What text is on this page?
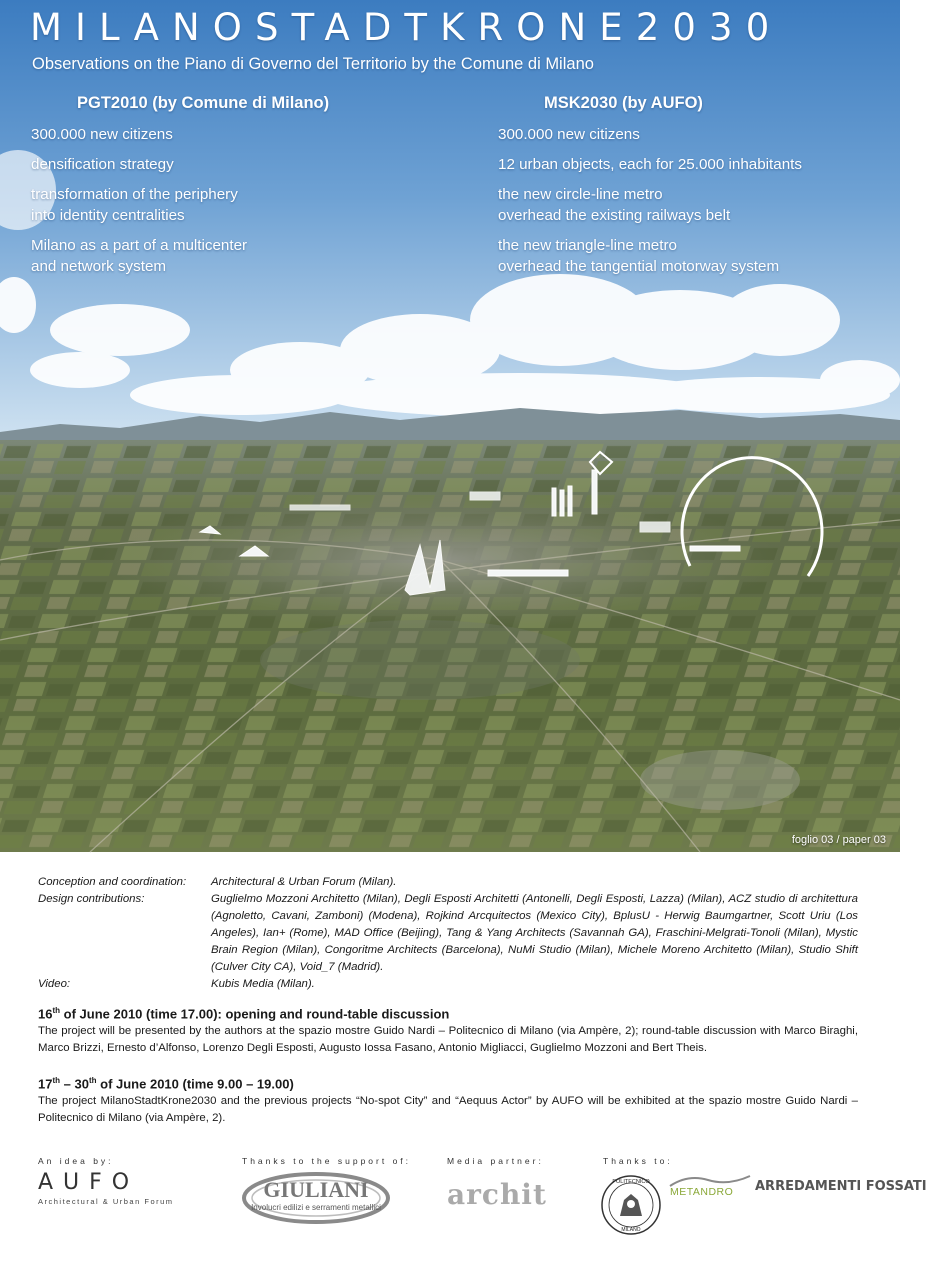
MILANOSTADTKRONE2030
Observations on the Piano di Governo del Territorio by the Comune di Milano
PGT2010 (by Comune di Milano)
300.000 new citizens
densification strategy
transformation of the periphery
into identity centralities
Milano as a part of a multicenter
and network system
MSK2030 (by AUFO)
300.000 new citizens
12 urban objects, each for 25.000 inhabitants
the new circle-line metro
overhead the existing railways belt
the new triangle-line metro
overhead the tangential motorway system
foglio 03 / paper 03
Conception and coordination:	Architectural & Urban Forum (Milan).
Design contributions:	Guglielmo Mozzoni Architetto (Milan), Degli Esposti Architetti (Antonelli, Degli Esposti, Lazza) (Milan), ACZ studio di architettura (Agnoletto, Cavani, Zamboni) (Modena), Rojkind Arcquitectos (Mexico City), BplusU - Herwig Baumgartner, Scott Uriu (Los Angeles), Ian+ (Rome), MAD Office (Beijing), Tang & Yang Architects (Savannah GA), Fraschini-Melgrati-Tonoli (Milan), Mystic Brain Region (Milan), Congoritme Architects (Barcelona), NuMi Studio (Milan), Michele Moreno Architetto (Milan), Studio Shift (Culver City CA), Void_7 (Madrid).
Video:	Kubis Media (Milan).
16th of June 2010 (time 17.00): opening and round-table discussion

The project will be presented by the authors at the spazio mostre Guido Nardi – Politecnico di Milano (via Ampère, 2); round-table discussion with Marco Biraghi, Marco Brizzi, Ernesto d’Alfonso, Lorenzo Degli Esposti, Augusto Iossa Fasano, Antonio Migliacci, Guglielmo Mozzoni and Bert Theis.

17th – 30th of June 2010 (time 9.00 – 19.00)

The project MilanoStadtKrone2030 and the previous projects “No-spot City” and “Aequus Actor” by AUFO will be exhibited at the spazio mostre Guido Nardi – Politecnico di Milano (via Ampère, 2).

An idea by:	Thanks to the support of:	Media partner:	Thanks to:
AUFO
Architectural & Urban Forum	GIULIANI
Involucri edilizi e serramenti metallici archit	POLITECNICO
MILANO
METANDRO ARREDAMENTI FOSSATI
